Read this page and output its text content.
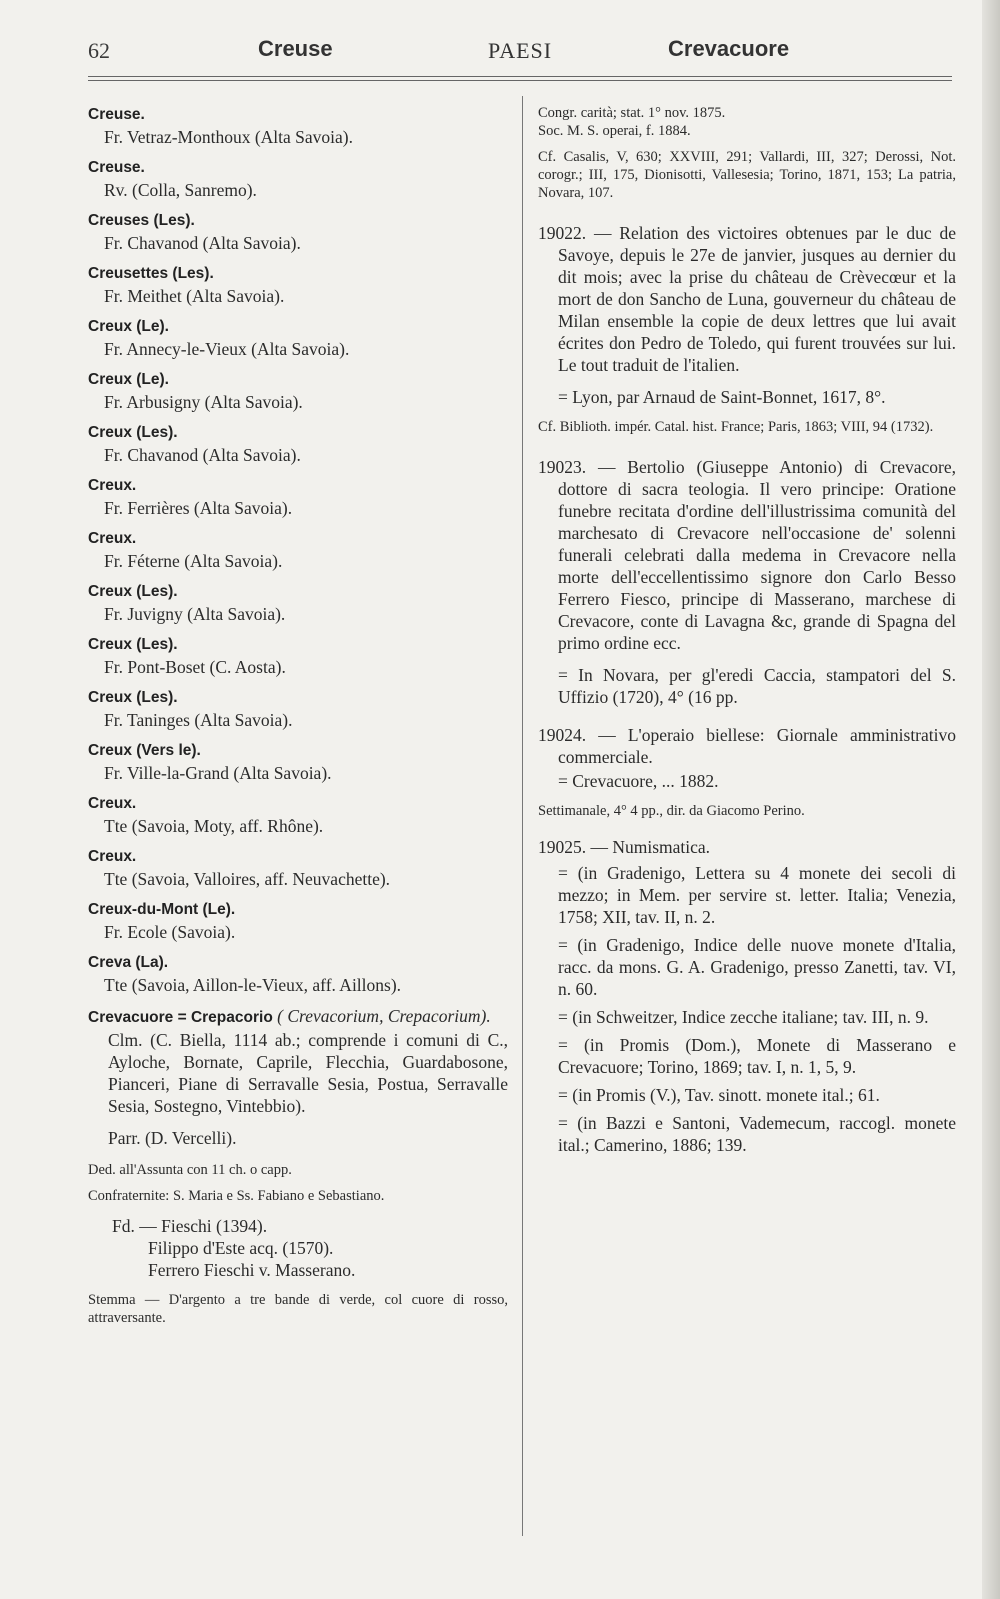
62	Creuse	PAESI	Crevacuore
Creuse.
Fr. Vetraz-Monthoux (Alta Savoia).
Creuse.
Rv. (Colla, Sanremo).
Creuses (Les).
Fr. Chavanod (Alta Savoia).
Creusettes (Les).
Fr. Meithet (Alta Savoia).
Creux (Le).
Fr. Annecy-le-Vieux (Alta Savoia).
Creux (Le).
Fr. Arbusigny (Alta Savoia).
Creux (Les).
Fr. Chavanod (Alta Savoia).
Creux.
Fr. Ferrières (Alta Savoia).
Creux.
Fr. Féterne (Alta Savoia).
Creux (Les).
Fr. Juvigny (Alta Savoia).
Creux (Les).
Fr. Pont-Boset (C. Aosta).
Creux (Les).
Fr. Taninges (Alta Savoia).
Creux (Vers le).
Fr. Ville-la-Grand (Alta Savoia).
Creux.
Tte (Savoia, Moty, aff. Rhône).
Creux.
Tte (Savoia, Valloires, aff. Neuvachette).
Creux-du-Mont (Le).
Fr. Ecole (Savoia).
Creva (La).
Tte (Savoia, Aillon-le-Vieux, aff. Aillons).
Crevacuore = Crepacorio ( Crevacorium, Crepacorium).
Clm. (C. Biella, 1114 ab.; comprende i comuni di C., Ayloche, Bornate, Caprile, Flecchia, Guardabosone, Pianceri, Piane di Serravalle Sesia, Postua, Serravalle Sesia, Sostegno, Vintebbio).
Parr. (D. Vercelli).
Ded. all'Assunta con 11 ch. o capp.
Confraternite: S. Maria e Ss. Fabiano e Sebastiano.
Fd. — Fieschi (1394).
Filippo d'Este acq. (1570).
Ferrero Fieschi v. Masserano.
Stemma — D'argento a tre bande di verde, col cuore di rosso, attraversante.
Congr. carità; stat. 1° nov. 1875.
Soc. M. S. operai, f. 1884.
Cf. Casalis, V, 630; XXVIII, 291; Vallardi, III, 327; Derossi, Not. corogr.; III, 175, Dionisotti, Vallesesia; Torino, 1871, 153; La patria, Novara, 107.
19022. — Relation des victoires obtenues par le duc de Savoye, depuis le 27e de janvier, jusques au dernier du dit mois; avec la prise du château de Crèvecœur et la mort de don Sancho de Luna, gouverneur du château de Milan ensemble la copie de deux lettres que lui avait écrites don Pedro de Toledo, qui furent trouvées sur lui. Le tout traduit de l'italien.
= Lyon, par Arnaud de Saint-Bonnet, 1617, 8°.
Cf. Biblioth. impér. Catal. hist. France; Paris, 1863; VIII, 94 (1732).
19023. — Bertolio (Giuseppe Antonio) di Crevacore, dottore di sacra teologia. Il vero principe: Oratione funebre recitata d'ordine dell'illustrissima comunità del marchesato di Crevacore nell'occasione de' solenni funerali celebrati dalla medema in Crevacore nella morte dell'eccellentissimo signore don Carlo Besso Ferrero Fiesco, principe di Masserano, marchese di Crevacore, conte di Lavagna &c, grande di Spagna del primo ordine ecc.
= In Novara, per gl'eredi Caccia, stampatori del S. Uffizio (1720), 4° (16 pp.
19024. — L'operaio biellese: Giornale amministrativo commerciale.
= Crevacuore, ... 1882.
Settimanale, 4° 4 pp., dir. da Giacomo Perino.
19025. — Numismatica.
= (in Gradenigo, Lettera su 4 monete dei secoli di mezzo; in Mem. per servire st. letter. Italia; Venezia, 1758; XII, tav. II, n. 2.
= (in Gradenigo, Indice delle nuove monete d'Italia, racc. da mons. G. A. Gradenigo, presso Zanetti, tav. VI, n. 60.
= (in Schweitzer, Indice zecche italiane; tav. III, n. 9.
= (in Promis (Dom.), Monete di Masserano e Crevacuore; Torino, 1869; tav. I, n. 1, 5, 9.
= (in Promis (V.), Tav. sinott. monete ital.; 61.
= (in Bazzi e Santoni, Vademecum, raccogl. monete ital.; Camerino, 1886; 139.
